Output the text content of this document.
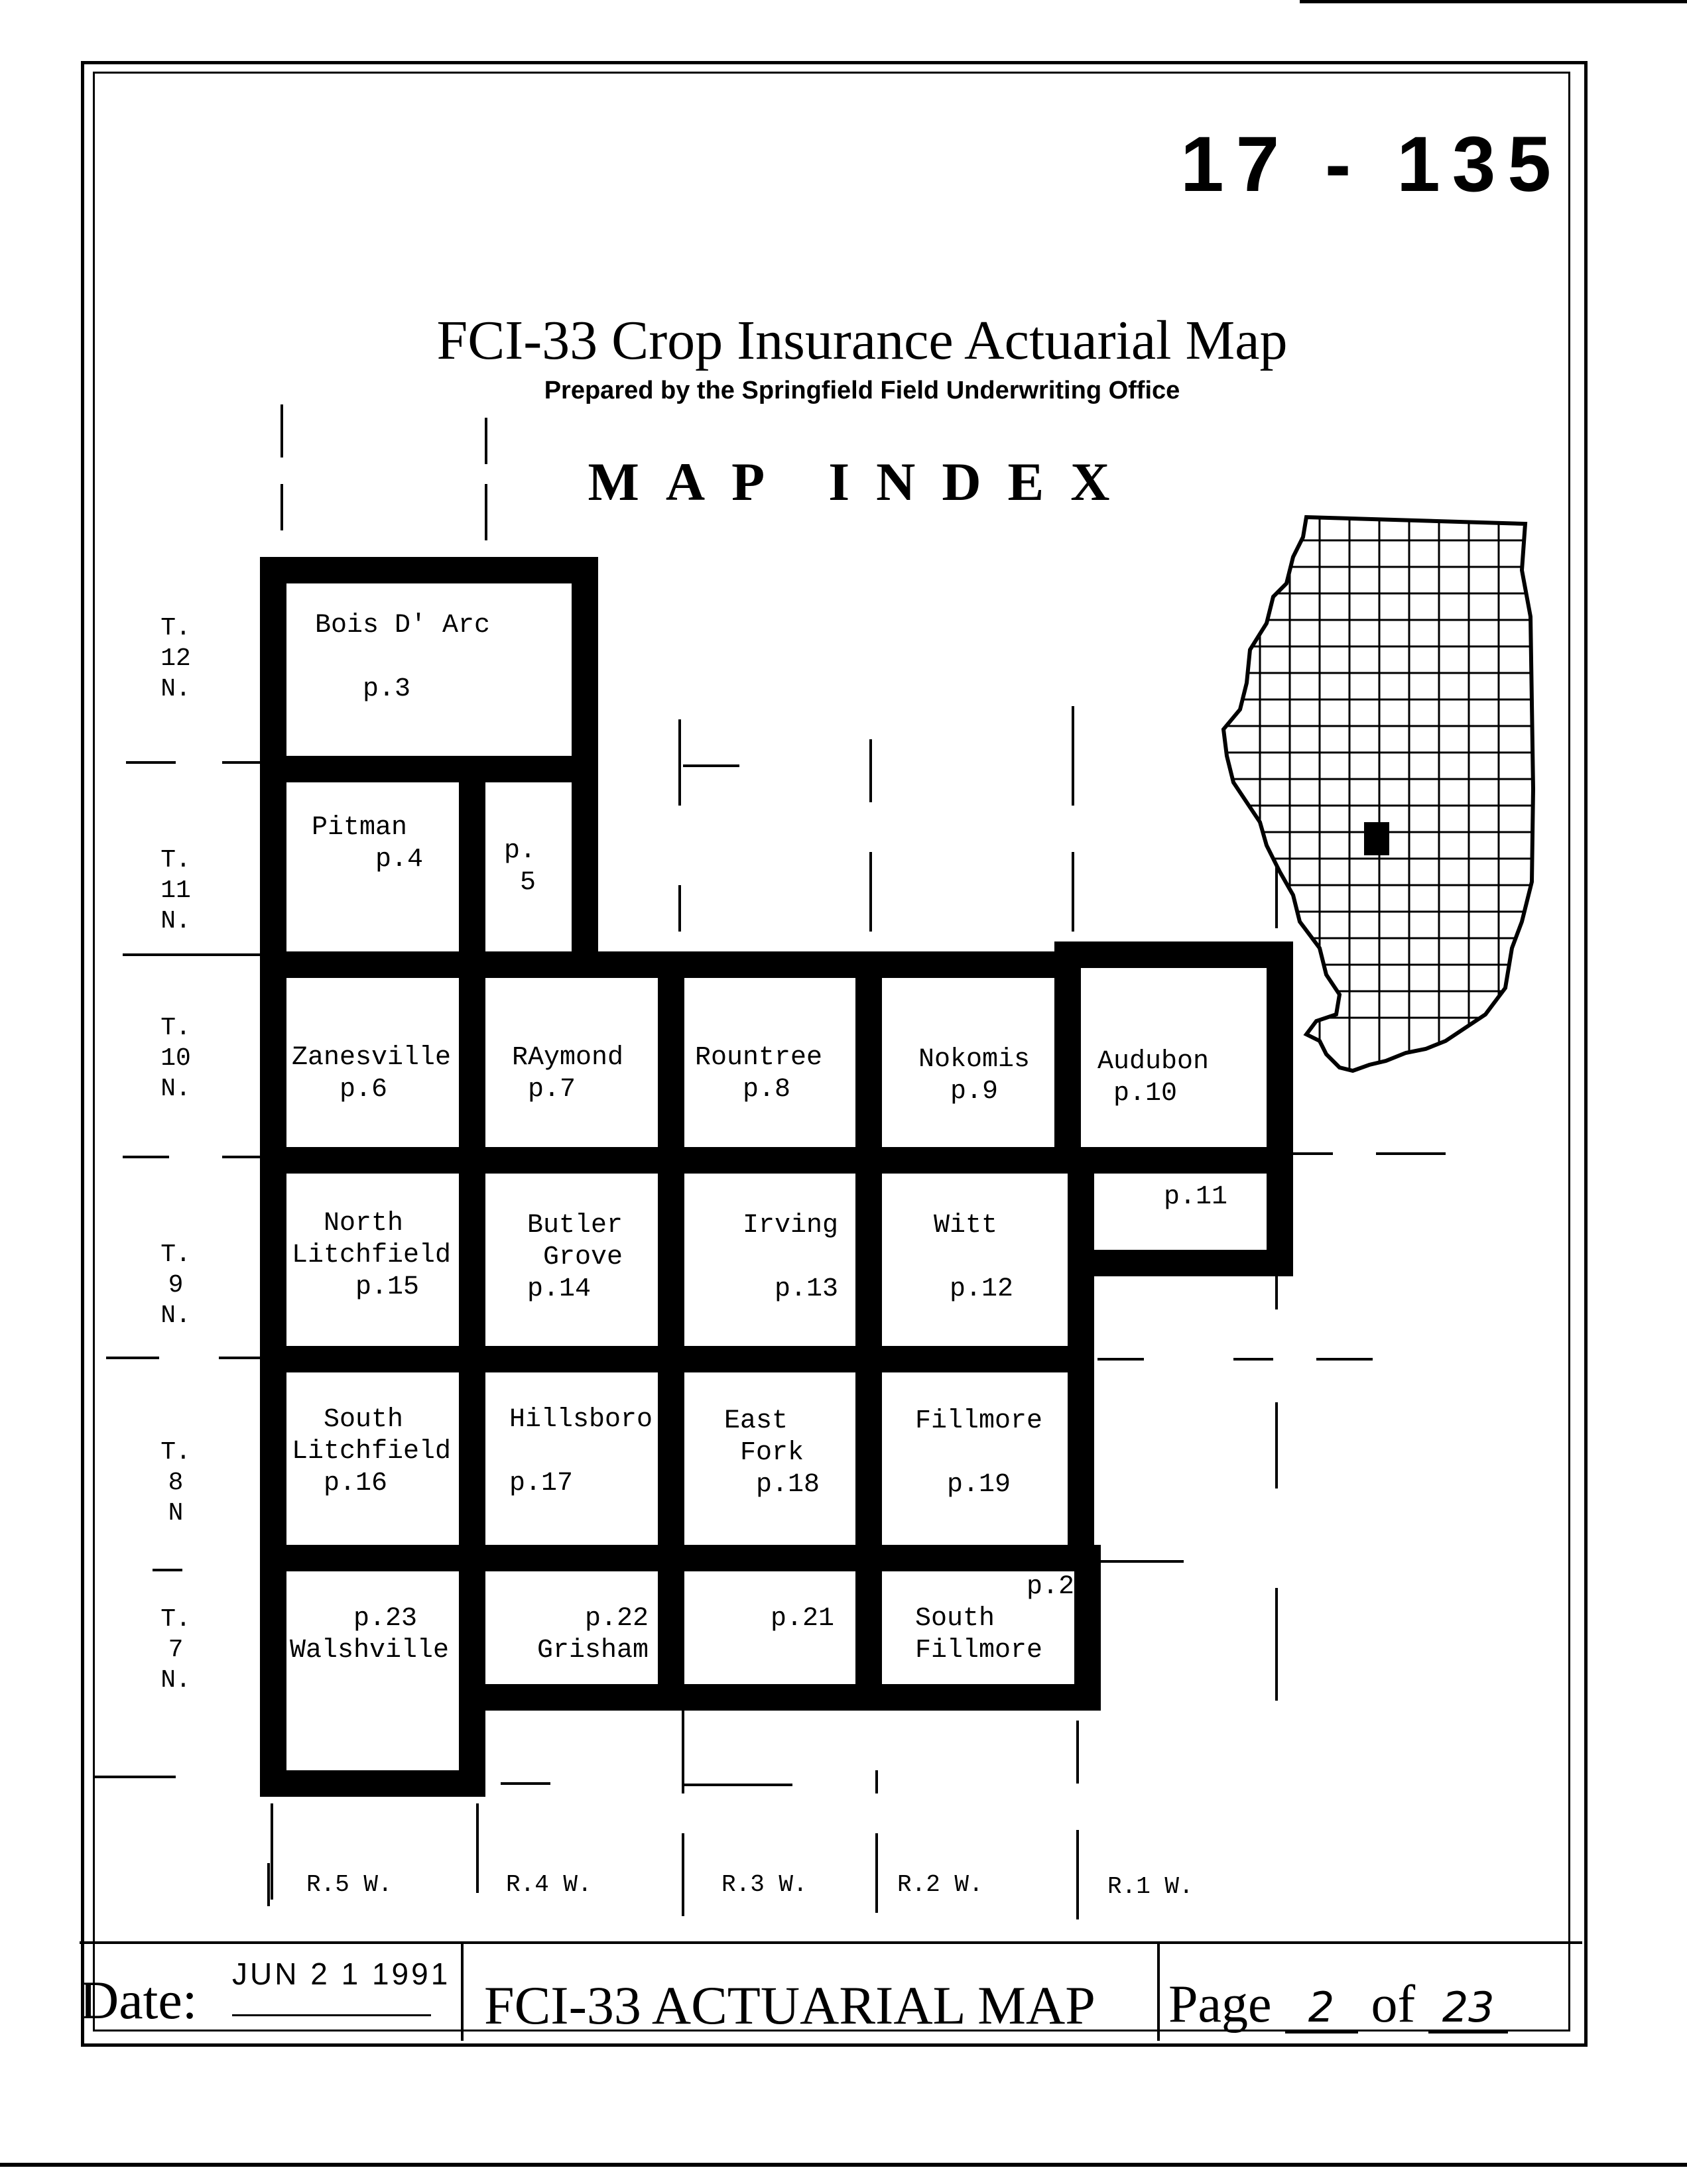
17 - 135
FCI-33 Crop Insurance Actuarial Map
Prepared by the Springfield Field Underwriting Office
MAP INDEX
Bois D' Arc

p.3
Pitman
p.4	p.
5
Zanesville
p.6
RAymond
p.7
Rountree
p.8
Nokomis
p.9
Audubon
p.10
p.11
North
Litchfield
p.15
Butler
Grove
p.14
Irving

p.13
Witt

p.12
South
Litchfield
p.16
Hillsboro

p.17
East
Fork
p.18
Fillmore

p.19
p.23
Walshville
p.22
Grisham
p.21
p.20
South
Fillmore
T.
12
N.
T.
11
N.
T.
10
N.
T.
9
N.
T.
8
N
T.
7
N.
R.5 W.	R.4 W.	R.3 W.	R.2 W.	R.1 W.
Date: JUN 2 1 1991
FCI-33 ACTUARIAL MAP Page 2 of 23
